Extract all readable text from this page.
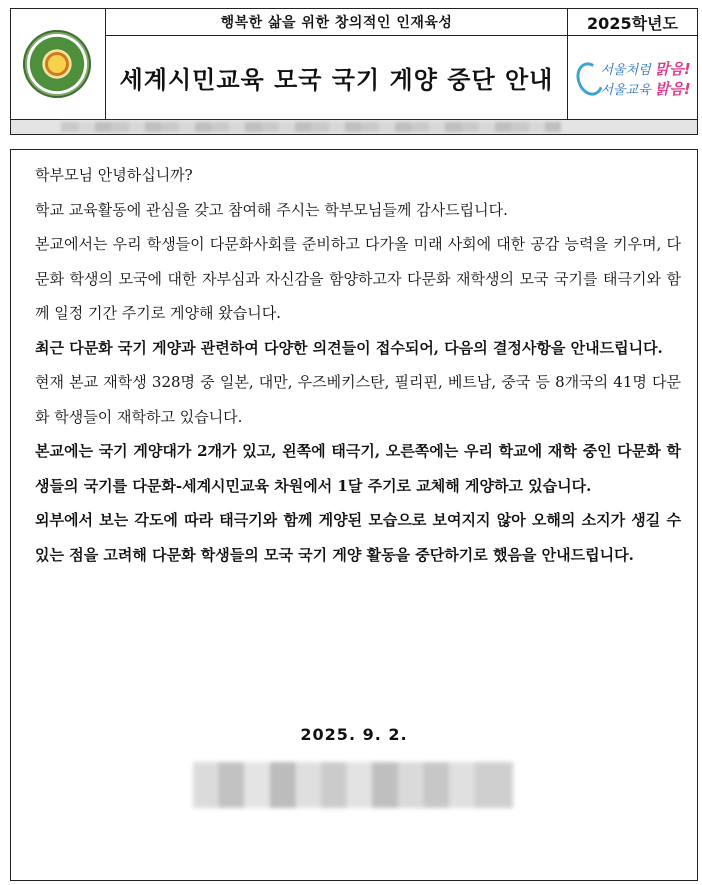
행복한 삶을 위한 창의적인 인재육성	2025학년도
세계시민교육 모국 국기 게양 중단 안내	서울처럼 맑음!
서울교육 밝음!

학부모님 안녕하십니까?

학교 교육활동에 관심을 갖고 참여해 주시는 학부모님들께 감사드립니다.

본교에서는 우리 학생들이 다문화사회를 준비하고 다가올 미래 사회에 대한 공감 능력을 키우며, 다문화 학생의 모국에 대한 자부심과 자신감을 함양하고자 다문화 재학생의 모국 국기를 태극기와 함께 일정 기간 주기로 게양해 왔습니다.

최근 다문화 국기 게양과 관련하여 다양한 의견들이 접수되어, 다음의 결정사항을 안내드립니다.

현재 본교 재학생 328명 중 일본, 대만, 우즈베키스탄, 필리핀, 베트남, 중국 등 8개국의 41명 다문화 학생들이 재학하고 있습니다.

본교에는 국기 게양대가 2개가 있고, 왼쪽에 태극기, 오른쪽에는 우리 학교에 재학 중인 다문화 학생들의 국기를 다문화-세계시민교육 차원에서 1달 주기로 교체해 게양하고 있습니다.

외부에서 보는 각도에 따라 태극기와 함께 게양된 모습으로 보여지지 않아 오해의 소지가 생길 수 있는 점을 고려해 다문화 학생들의 모국 국기 게양 활동을 중단하기로 했음을 안내드립니다.

2025. 9. 2.
